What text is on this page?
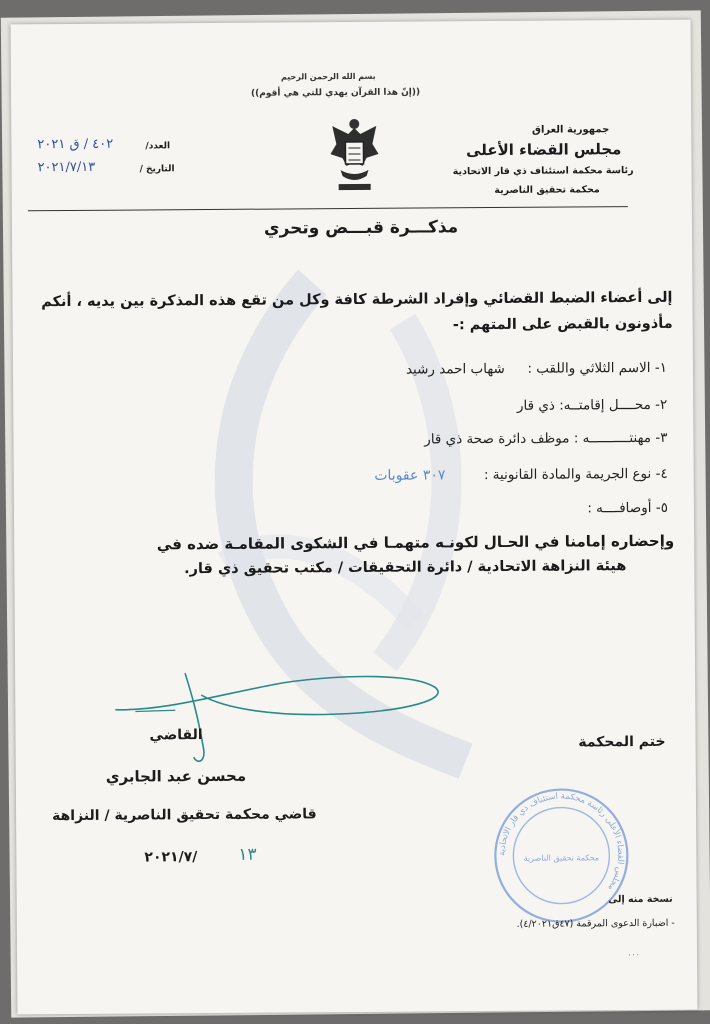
بسم الله الرحمن الرحيم
((إنّ هذا القرآن يهدي للتي هي أقوم))
جمهورية العراق
مجلس القضاء الأعلى
رئاسة محكمة استئناف ذي قار الاتحادية
محكمة تحقيق الناصرية
العدد/
٤٠٢ / ق ٢٠٢١
التاريخ /
٢٠٢١/٧/١٣
مذكـــرة قبـــض وتحري
إلى أعضاء الضبط القضائي وإفراد الشرطة كافة وكل من تقع هذه المذكرة بين يديه ، أنكم
مأذونون بالقبض على المتهم :-
١- الاسم الثلاثي واللقب :  شهاب احمد رشيد
٢- محــــل إقامتــه: ذي قار
٣- مهنتــــــــــه : موظف دائرة صحة ذي قار
٤- نوع الجريمة والمادة القانونية :  ٣٠٧ عقوبات
٥- أوصافــــه :
وإحضاره إمامنا في الحـال لكونـه متهمـا في الشكوى المقامـة ضده في
هيئة النزاهة الاتحادية / دائرة التحقيقات / مكتب تحقيق ذي قار.
ختم المحكمة
القاضي
محسن عبد الجابري
قاضي محكمة تحقيق الناصرية / النزاهة
٢٠٢١/٧/ ١٣	مجلس القضاء الأعلى رئاسة محكمة استئناف ذي قار الاتحادية
محكمة تحقيق الناصرية
نسخة منه إلى
- اضبارة الدعوى المرقمة (٤٧ق٤/٢٠٢١).
٠٠٠
